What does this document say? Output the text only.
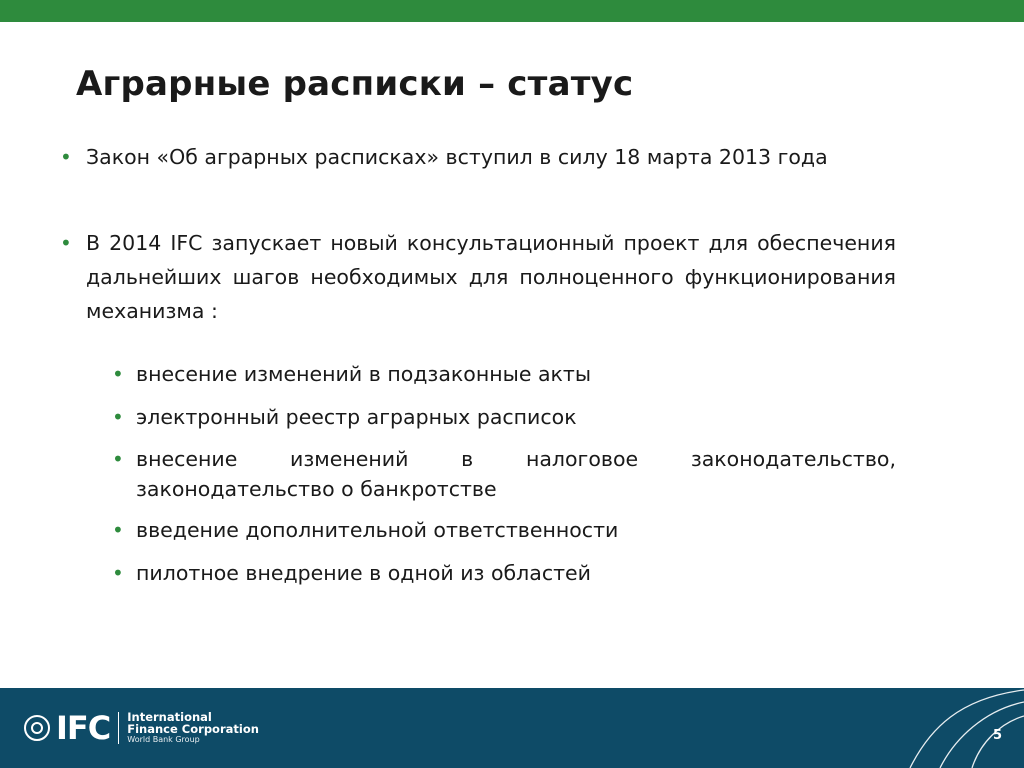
Аграрные расписки – статус
• Закон «Об аграрных расписках» вступил в силу 18 марта 2013 года
• В 2014 IFC запускает новый консультационный проект для обеспечения дальнейших шагов необходимых для полноценного функционирования механизма :
• внесение изменений в подзаконные акты
• электронный реестр аграрных расписок
• внесение изменений в налоговое законодательство, законодательство о банкротстве
• введение дополнительной ответственности
• пилотное внедрение в одной из областей
IFC International
Finance Corporation
World Bank Group	5
